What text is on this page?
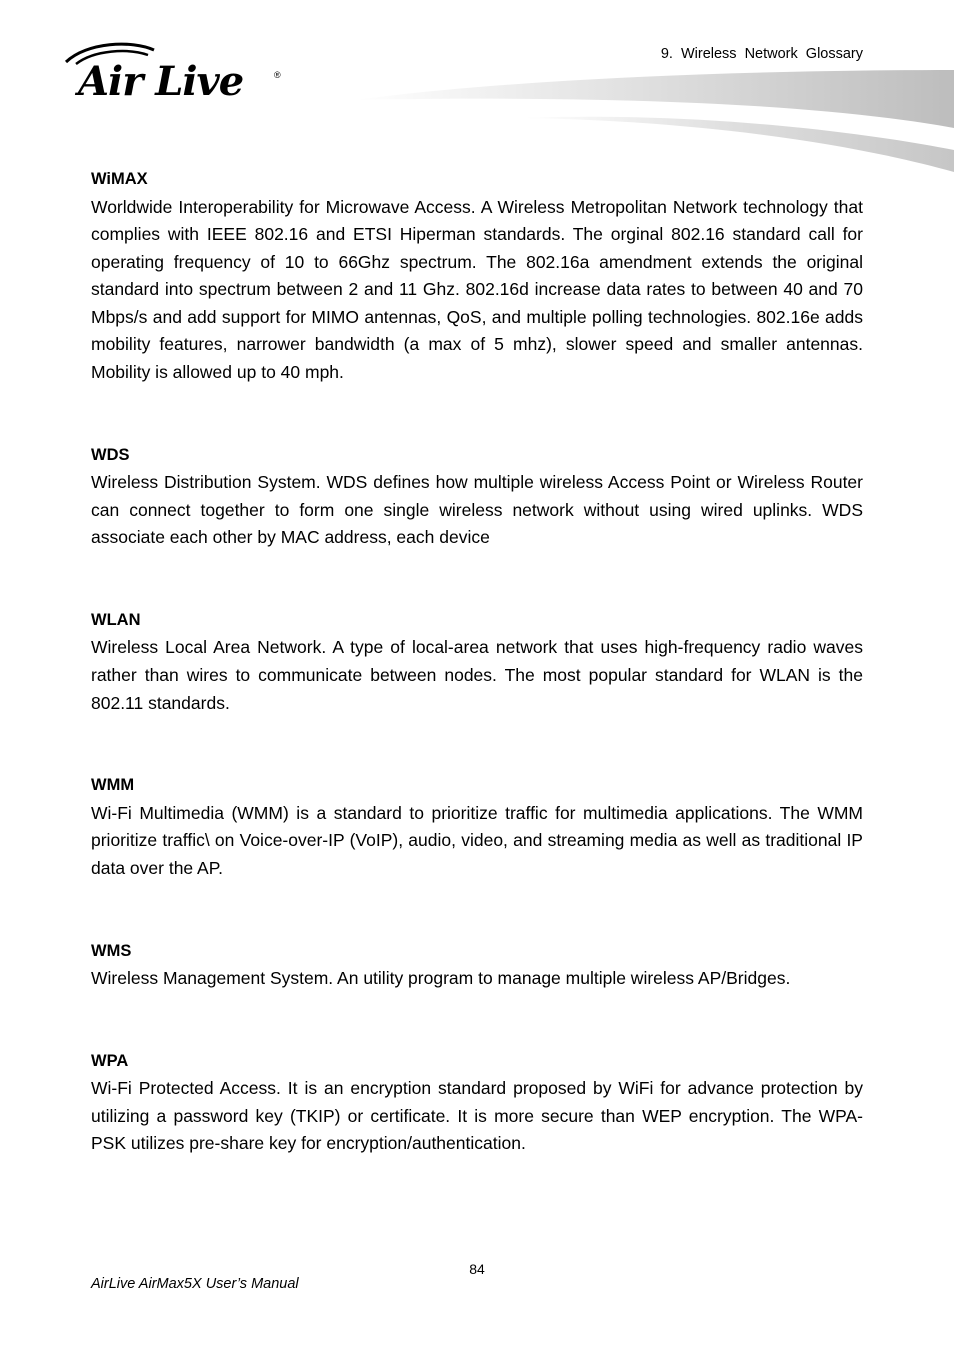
Air Live	®
9. Wireless Network Glossary

WiMAX

Worldwide Interoperability for Microwave Access. A Wireless Metropolitan Network technology that complies with IEEE 802.16 and ETSI Hiperman standards. The orginal 802.16 standard call for operating frequency of 10 to 66Ghz spectrum. The 802.16a amendment extends the original standard into spectrum between 2 and 11 Ghz. 802.16d increase data rates to between 40 and 70 Mbps/s and add support for MIMO antennas, QoS, and multiple polling technologies. 802.16e adds mobility features, narrower bandwidth (a max of 5 mhz), slower speed and smaller antennas. Mobility is allowed up to 40 mph.

WDS

Wireless Distribution System. WDS defines how multiple wireless Access Point or Wireless Router can connect together to form one single wireless network without using wired uplinks. WDS associate each other by MAC address, each device

WLAN

Wireless Local Area Network. A type of local-area network that uses high-frequency radio waves rather than wires to communicate between nodes. The most popular standard for WLAN is the 802.11 standards.

WMM

Wi-Fi Multimedia (WMM) is a standard to prioritize traffic for multimedia applications. The WMM prioritize traffic\ on Voice-over-IP (VoIP), audio, video, and streaming media as well as traditional IP data over the AP.

WMS

Wireless Management System. An utility program to manage multiple wireless AP/Bridges.

WPA

Wi-Fi Protected Access. It is an encryption standard proposed by WiFi for advance protection by utilizing a password key (TKIP) or certificate. It is more secure than WEP encryption. The WPA-PSK utilizes pre-share key for encryption/authentication.

84
AirLive AirMax5X User’s Manual
